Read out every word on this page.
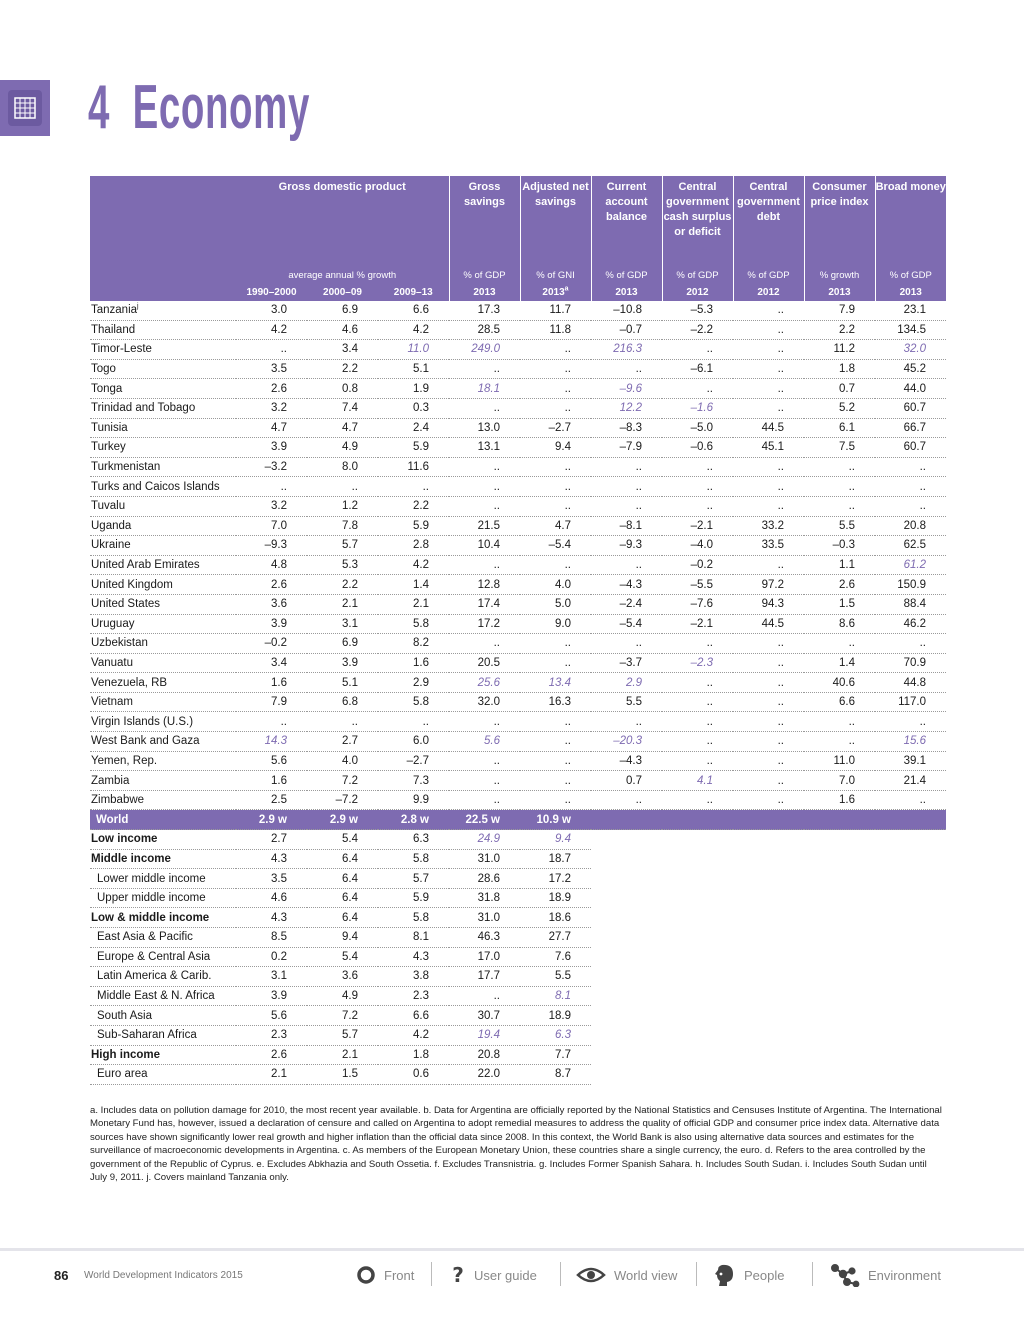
4 Economy
	Gross domestic product			Gross savings	Adjusted net savings	Current account balance	Central government cash surplus or deficit	Central government debt	Consumer price index	Broad money
	average annual % growth			% of GDP	% of GNI	% of GDP	% of GDP	% of GDP	% growth	% of GDP
	1990–2000	2000–09	2009–13	2013	2013$^a$	2013	2012	2012	2013	2013
Tanzania$^j$	3.0	6.9	6.6	17.3	11.7	–10.8	–5.3	..	7.9	23.1
Thailand	4.2	4.6	4.2	28.5	11.8	–0.7	–2.2	..	2.2	134.5
Timor-Leste	..	3.4	11.0	249.0	..	216.3	..	..	11.2	32.0
Togo	3.5	2.2	5.1	..	..	..	–6.1	..	1.8	45.2
Tonga	2.6	0.8	1.9	18.1	..	–9.6	..	..	0.7	44.0
Trinidad and Tobago	3.2	7.4	0.3	..	..	12.2	–1.6	..	5.2	60.7
Tunisia	4.7	4.7	2.4	13.0	–2.7	–8.3	–5.0	44.5	6.1	66.7
Turkey	3.9	4.9	5.9	13.1	9.4	–7.9	–0.6	45.1	7.5	60.7
Turkmenistan	–3.2	8.0	11.6	..	..	..	..	..	..	..
Turks and Caicos Islands	..	..	..	..	..	..	..	..	..	..
Tuvalu	3.2	1.2	2.2	..	..	..	..	..	..	..
Uganda	7.0	7.8	5.9	21.5	4.7	–8.1	–2.1	33.2	5.5	20.8
Ukraine	–9.3	5.7	2.8	10.4	–5.4	–9.3	–4.0	33.5	–0.3	62.5
United Arab Emirates	4.8	5.3	4.2	..	..	..	–0.2	..	1.1	61.2
United Kingdom	2.6	2.2	1.4	12.8	4.0	–4.3	–5.5	97.2	2.6	150.9
United States	3.6	2.1	2.1	17.4	5.0	–2.4	–7.6	94.3	1.5	88.4
Uruguay	3.9	3.1	5.8	17.2	9.0	–5.4	–2.1	44.5	8.6	46.2
Uzbekistan	–0.2	6.9	8.2	..	..	..	..	..	..	..
Vanuatu	3.4	3.9	1.6	20.5	..	–3.7	–2.3	..	1.4	70.9
Venezuela, RB	1.6	5.1	2.9	25.6	13.4	2.9	..	..	40.6	44.8
Vietnam	7.9	6.8	5.8	32.0	16.3	5.5	..	..	6.6	117.0
Virgin Islands (U.S.)	..	..	..	..	..	..	..	..	..	..
West Bank and Gaza	14.3	2.7	6.0	5.6	..	–20.3	..	..	..	15.6
Yemen, Rep.	5.6	4.0	–2.7	..	..	–4.3	..	..	11.0	39.1
Zambia	1.6	7.2	7.3	..	..	0.7	4.1	..	7.0	21.4
Zimbabwe	2.5	–7.2	9.9	..	..	..	..	..	1.6	..
World	2.9 w	2.9 w	2.8 w	22.5 w	10.9 w					
Low income	2.7	5.4	6.3	24.9	9.4					
Middle income	4.3	6.4	5.8	31.0	18.7					
Lower middle income	3.5	6.4	5.7	28.6	17.2					
Upper middle income	4.6	6.4	5.9	31.8	18.9					
Low & middle income	4.3	6.4	5.8	31.0	18.6					
East Asia & Pacific	8.5	9.4	8.1	46.3	27.7					
Europe & Central Asia	0.2	5.4	4.3	17.0	7.6					
Latin America & Carib.	3.1	3.6	3.8	17.7	5.5					
Middle East & N. Africa	3.9	4.9	2.3	..	8.1					
South Asia	5.6	7.2	6.6	30.7	18.9					
Sub-Saharan Africa	2.3	5.7	4.2	19.4	6.3					
High income	2.6	2.1	1.8	20.8	7.7					
Euro area	2.1	1.5	0.6	22.0	8.7					

a. Includes data on pollution damage for 2010, the most recent year available. b. Data for Argentina are officially reported by the National Statistics and Censuses Institute of Argentina. The International Monetary Fund has, however, issued a declaration of censure and called on Argentina to adopt remedial measures to address the quality of official GDP and consumer price index data. Alternative data sources have shown significantly lower real growth and higher inflation than the official data since 2008. In this context, the World Bank is also using alternative data sources and estimates for the surveillance of macroeconomic developments in Argentina. c. As members of the European Monetary Union, these countries share a single currency, the euro. d. Refers to the area controlled by the government of the Republic of Cyprus. e. Excludes Abkhazia and South Ossetia. f. Excludes Transnistria. g. Includes Former Spanish Sahara. h. Includes South Sudan. i. Includes South Sudan until July 9, 2011. j. Covers mainland Tanzania only.

86 World Development Indicators 2015	Front ? User guide	World view	People	Environment
